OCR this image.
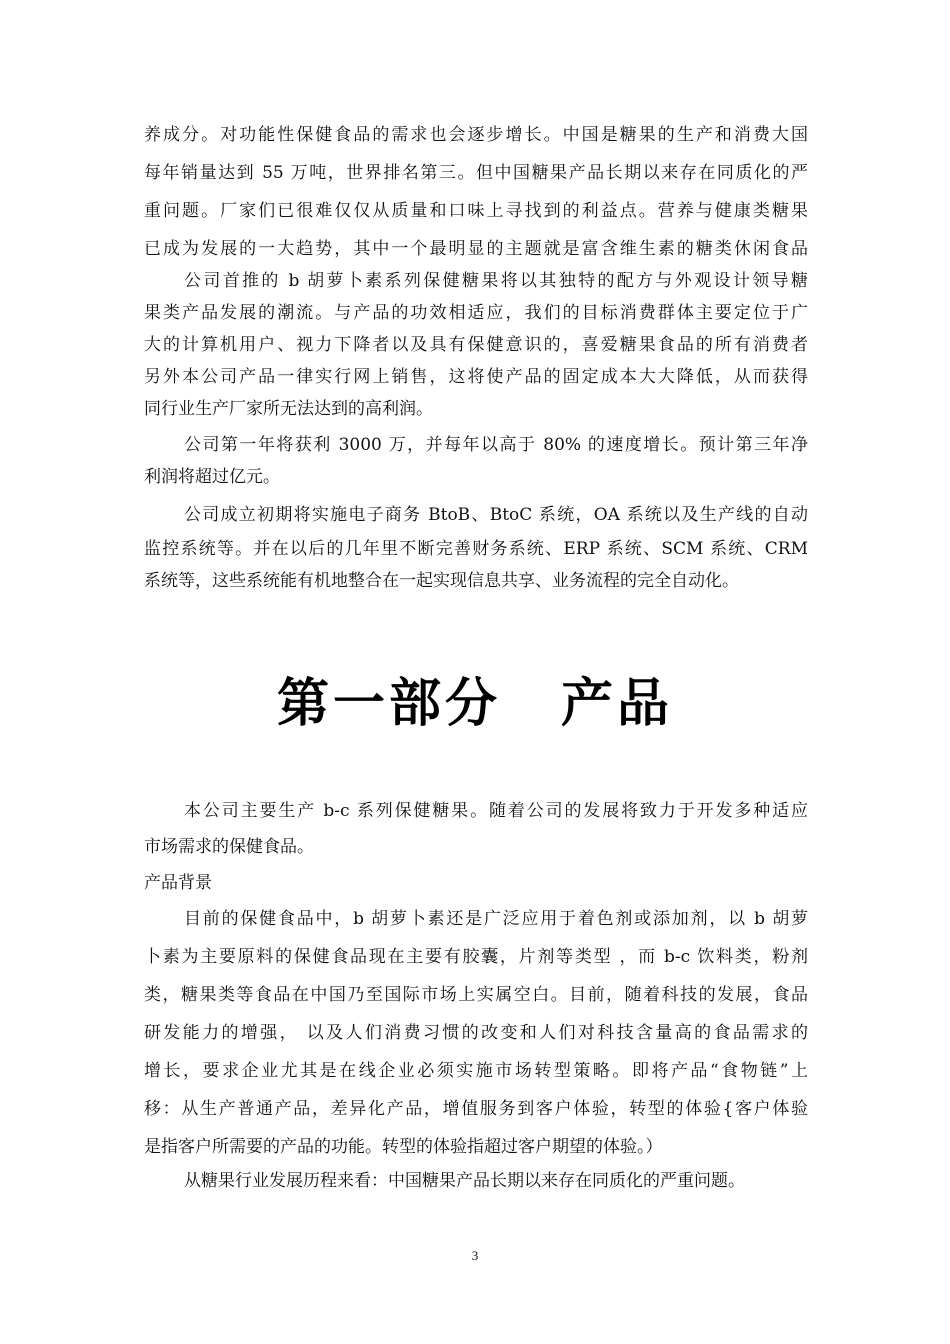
养成分。对功能性保健食品的需求也会逐步增长。中国是糖果的生产和消费大国
每年销量达到 55 万吨，世界排名第三。但中国糖果产品长期以来存在同质化的严
重问题。厂家们已很难仅仅从质量和口味上寻找到的利益点。营养与健康类糖果
已成为发展的一大趋势，其中一个最明显的主题就是富含维生素的糖类休闲食品
公司首推的 b 胡萝卜素系列保健糖果将以其独特的配方与外观设计领导糖
果类产品发展的潮流。与产品的功效相适应，我们的目标消费群体主要定位于广
大的计算机用户、视力下降者以及具有保健意识的，喜爱糖果食品的所有消费者
另外本公司产品一律实行网上销售，这将使产品的固定成本大大降低，从而获得
同行业生产厂家所无法达到的高利润。
公司第一年将获利 3000 万，并每年以高于 80% 的速度增长。预计第三年净
利润将超过亿元。
公司成立初期将实施电子商务 BtoB、BtoC 系统，OA 系统以及生产线的自动
监控系统等。并在以后的几年里不断完善财务系统、ERP 系统、SCM 系统、CRM
系统等，这些系统能有机地整合在一起实现信息共享、业务流程的完全自动化。
第一部分 产品
本公司主要生产 b-c 系列保健糖果。随着公司的发展将致力于开发多种适应
市场需求的保健食品。
产品背景
目前的保健食品中，b 胡萝卜素还是广泛应用于着色剂或添加剂，以 b 胡萝
卜素为主要原料的保健食品现在主要有胶囊，片剂等类型 ，而 b-c 饮料类，粉剂
类，糖果类等食品在中国乃至国际市场上实属空白。目前，随着科技的发展，食品
研发能力的增强， 以及人们消费习惯的改变和人们对科技含量高的食品需求的
增长，要求企业尤其是在线企业必须实施市场转型策略。即将产品“食物链”上
移：从生产普通产品，差异化产品，增值服务到客户体验，转型的体验{客户体验
是指客户所需要的产品的功能。转型的体验指超过客户期望的体验。）
从糖果行业发展历程来看：中国糖果产品长期以来存在同质化的严重问题。
3
